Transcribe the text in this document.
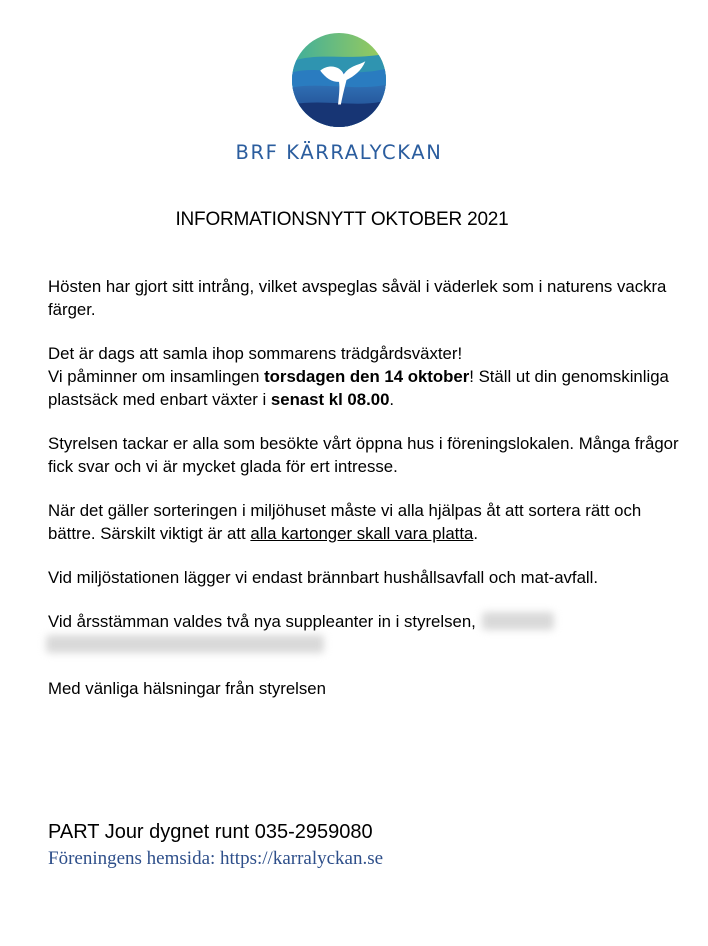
BRF KÄRRALYCKAN
INFORMATIONSNYTT OKTOBER 2021

Hösten har gjort sitt intrång, vilket avspeglas såväl i väderlek som i naturens vackra färger.

Det är dags att samla ihop sommarens trädgårdsväxter!
Vi påminner om insamlingen torsdagen den 14 oktober! Ställ ut din genomskinliga plastsäck med enbart växter i senast kl 08.00.

Styrelsen tackar er alla som besökte vårt öppna hus i föreningslokalen. Många frågor fick svar och vi är mycket glada för ert intresse.

När det gäller sorteringen i miljöhuset måste vi alla hjälpas åt att sortera rätt och bättre. Särskilt viktigt är att alla kartonger skall vara platta.

Vid miljöstationen lägger vi endast brännbart hushållsavfall och mat-avfall.

Vid årsstämman valdes två nya suppleanter in i styrelsen,

Med vänliga hälsningar från styrelsen

PART Jour dygnet runt 035-2959080
Föreningens hemsida: https://karralyckan.se
